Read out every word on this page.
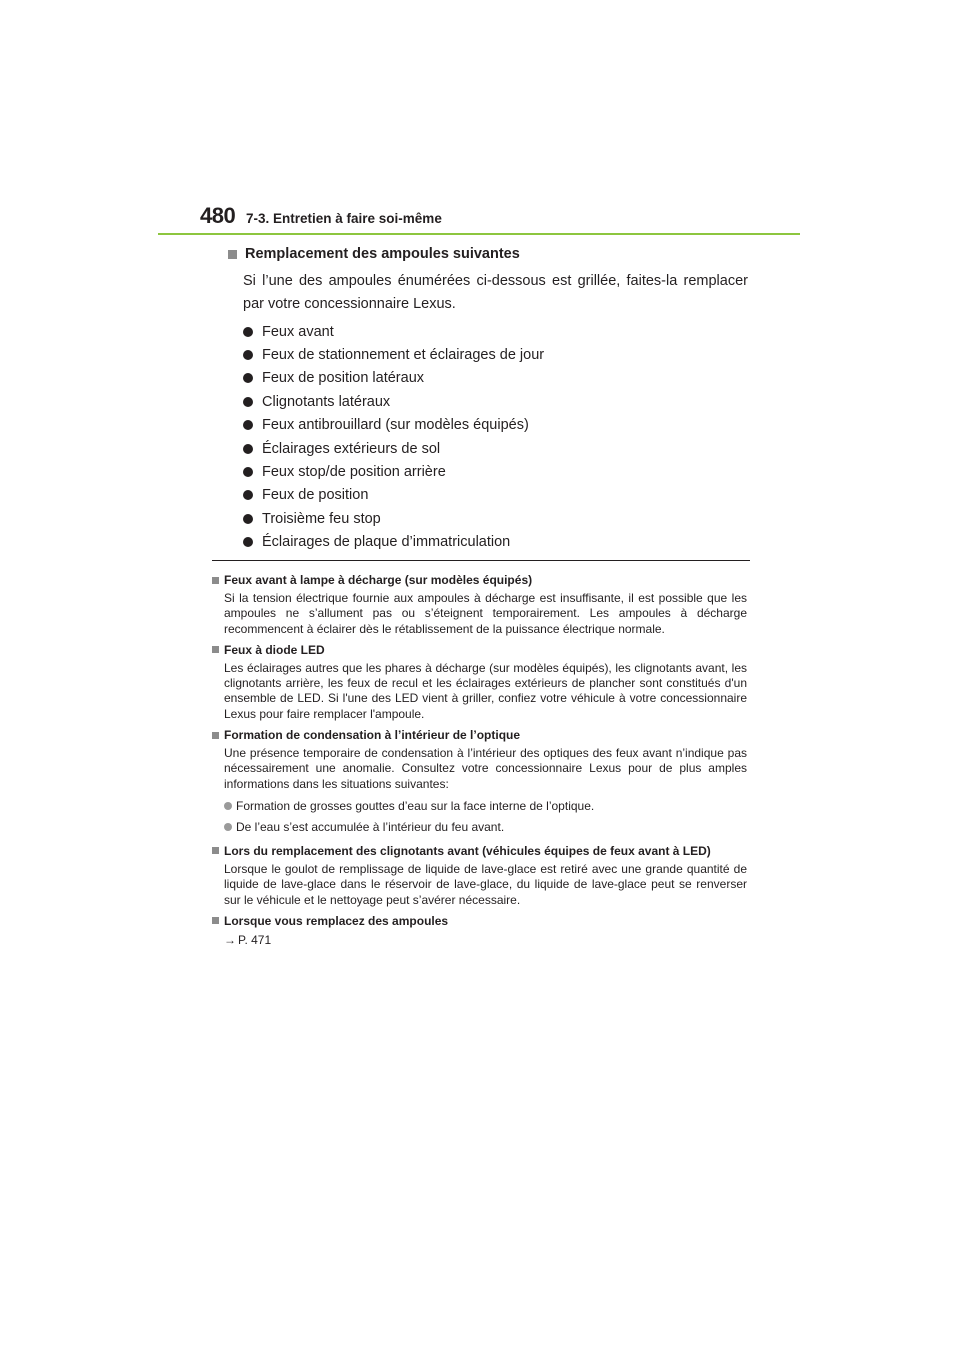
480 7-3. Entretien à faire soi-même
Remplacement des ampoules suivantes

Si l’une des ampoules énumérées ci-dessous est grillée, faites-la remplacer par votre concessionnaire Lexus.

Feux avant
Feux de stationnement et éclairages de jour
Feux de position latéraux
Clignotants latéraux
Feux antibrouillard (sur modèles équipés)
Éclairages extérieurs de sol
Feux stop/de position arrière
Feux de position
Troisième feu stop
Éclairages de plaque d’immatriculation
Feux avant à lampe à décharge (sur modèles équipés)
Si la tension électrique fournie aux ampoules à décharge est insuffisante, il est possible que les ampoules ne s’allument pas ou s’éteignent temporairement. Les ampoules à décharge recommencent à éclairer dès le rétablissement de la puissance électrique normale.
Feux à diode LED
Les éclairages autres que les phares à décharge (sur modèles équipés), les clignotants avant, les clignotants arrière, les feux de recul et les éclairages extérieurs de plancher sont constitués d'un ensemble de LED. Si l'une des LED vient à griller, confiez votre véhicule à votre concessionnaire Lexus pour faire remplacer l'ampoule.
Formation de condensation à l’intérieur de l’optique
Une présence temporaire de condensation à l’intérieur des optiques des feux avant n’indique pas nécessairement une anomalie. Consultez votre concessionnaire Lexus pour de plus amples informations dans les situations suivantes:
Formation de grosses gouttes d’eau sur la face interne de l’optique.
De l’eau s’est accumulée à l’intérieur du feu avant.
Lors du remplacement des clignotants avant (véhicules équipes de feux avant à LED)
Lorsque le goulot de remplissage de liquide de lave-glace est retiré avec une grande quantité de liquide de lave-glace dans le réservoir de lave-glace, du liquide de lave-glace peut se renverser sur le véhicule et le nettoyage peut s’avérer nécessaire.
Lorsque vous remplacez des ampoules
→ P. 471
